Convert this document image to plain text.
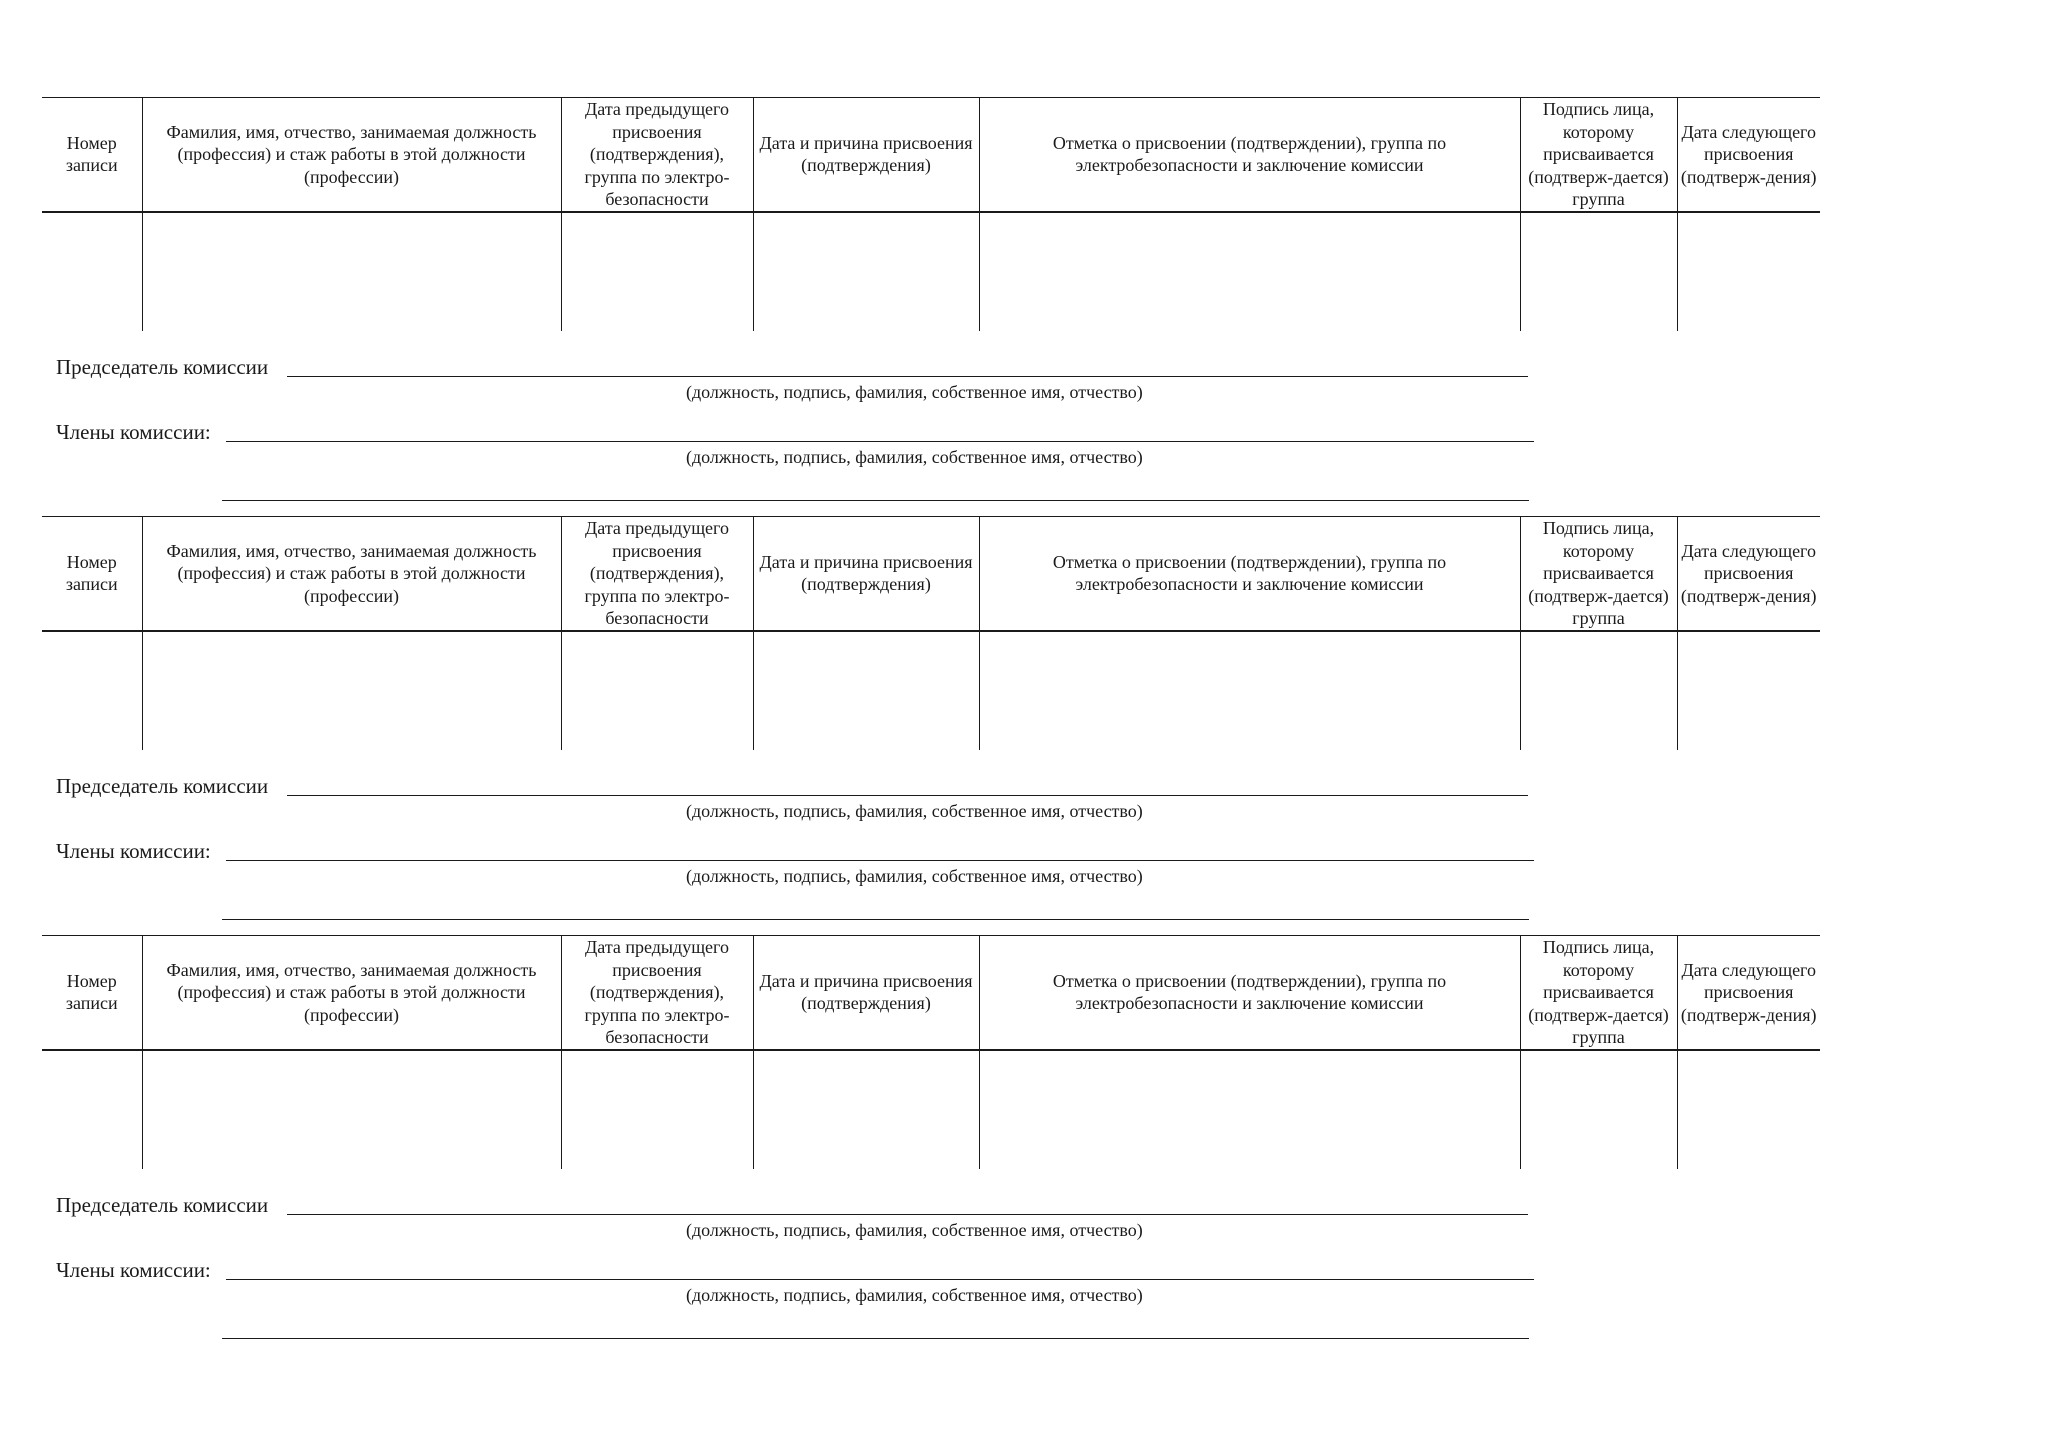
Номер записи	Фамилия, имя, отчество, занимаемая должность (профессия) и стаж работы в этой должности (профессии)	Дата предыдущего присвоения (подтверждения), группа по электро-безопасности	Дата и причина присвоения (подтверждения)	Отметка о присвоении (подтверждении), группа по электробезопасности и заключение комиссии	Подпись лица, которому присваивается (подтверж-дается) группа	Дата следующего присвоения (подтверж-дения)

Председатель комиссии
(должность, подпись, фамилия, собственное имя, отчество)
Члены комиссии:
(должность, подпись, фамилия, собственное имя, отчество)
Номер записи	Фамилия, имя, отчество, занимаемая должность (профессия) и стаж работы в этой должности (профессии)	Дата предыдущего присвоения (подтверждения), группа по электро-безопасности	Дата и причина присвоения (подтверждения)	Отметка о присвоении (подтверждении), группа по электробезопасности и заключение комиссии	Подпись лица, которому присваивается (подтверж-дается) группа	Дата следующего присвоения (подтверж-дения)

Председатель комиссии
(должность, подпись, фамилия, собственное имя, отчество)
Члены комиссии:
(должность, подпись, фамилия, собственное имя, отчество)
Номер записи	Фамилия, имя, отчество, занимаемая должность (профессия) и стаж работы в этой должности (профессии)	Дата предыдущего присвоения (подтверждения), группа по электро-безопасности	Дата и причина присвоения (подтверждения)	Отметка о присвоении (подтверждении), группа по электробезопасности и заключение комиссии	Подпись лица, которому присваивается (подтверж-дается) группа	Дата следующего присвоения (подтверж-дения)

Председатель комиссии
(должность, подпись, фамилия, собственное имя, отчество)
Члены комиссии:
(должность, подпись, фамилия, собственное имя, отчество)
